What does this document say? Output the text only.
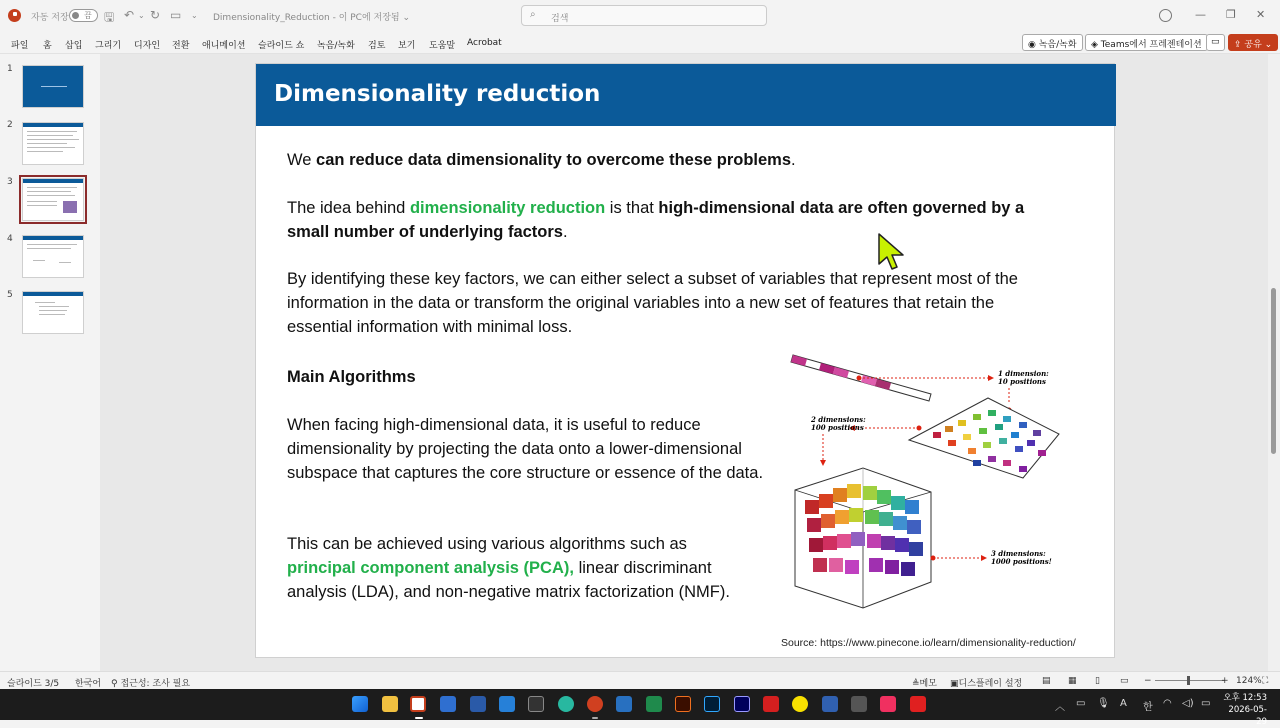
자동 저장 끔 🖫 ↶ ⌄ ↻ ▭ ⌄ Dimensionality_Reduction - 이 PC에 저장됨 ⌄	⌕ 검색	— ❐ ✕
파일 홈 삽입 그리기 디자인 전환 애니메이션 슬라이드 쇼 녹음/녹화 검토 보기 도움말 Acrobat	◉ 녹음/녹화	◈ Teams에서 프레젠테이션	▭	⇪ 공유 ⌄
1
2
3
4
5
Dimensionality reduction
We can reduce data dimensionality to overcome these problems.
The idea behind dimensionality reduction is that high-dimensional data are often governed by a small number of underlying factors.
By identifying these key factors, we can either select a subset of variables that represent most of the information in the data or transform the original variables into a new set of features that retain the essential information with minimal loss.
Main Algorithms
When facing high-dimensional data, it is useful to reduce dimensionality by projecting the data onto a lower-dimensional subspace that captures the core structure or essence of the data.
This can be achieved using various algorithms such as principal component analysis (PCA), linear discriminant analysis (LDA), and non-negative matrix factorization (NMF).
1 dimension:
10 positions
2 dimensions:
100 positions
3 dimensions:
1000 positions!
Source: https://www.pinecone.io/learn/dimensionality-reduction/
슬라이드 3/5 한국어 ⚲ 접근성: 조사 필요	≜메모 ▣디스플레이 설정 ▤ ▦ ▯ ▭ −	+ 124% ⛶
︿ ▭ 🎙 A 한 ◠ ◁) ▭ 오후 12:53
2026-05-29
